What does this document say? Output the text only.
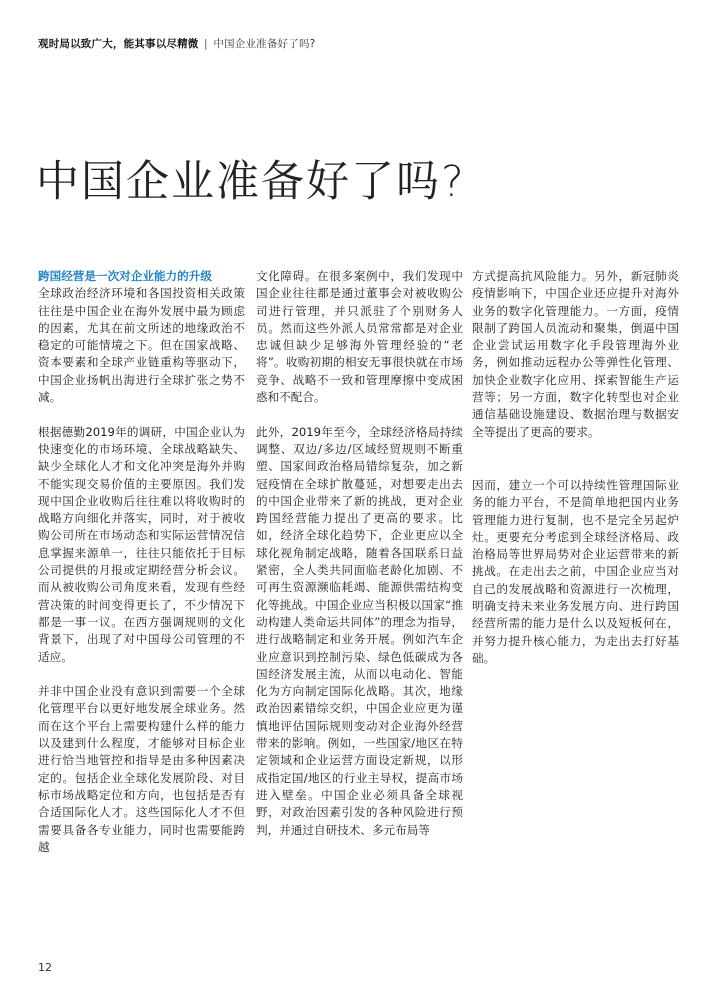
观时局以致广大，能其事以尽精微 | 中国企业准备好了吗?
中国企业准备好了吗?

跨国经营是一次对企业能力的升级

全球政治经济环境和各国投资相关政策往往是中国企业在海外发展中最为顾虑的因素，尤其在前文所述的地缘政治不稳定的可能情境之下。但在国家战略、资本要素和全球产业链重构等驱动下，中国企业扬帆出海进行全球扩张之势不减。

根据德勤2019年的调研，中国企业认为快速变化的市场环境、全球战略缺失、缺少全球化人才和文化冲突是海外并购不能实现交易价值的主要原因。我们发现中国企业收购后往往难以将收购时的战略方向细化并落实，同时，对于被收购公司所在市场动态和实际运营情况信息掌握来源单一，往往只能依托于目标公司提供的月报或定期经营分析会议。而从被收购公司角度来看，发现有些经营决策的时间变得更长了，不少情况下都是一事一议。在西方强调规则的文化背景下，出现了对中国母公司管理的不适应。

并非中国企业没有意识到需要一个全球化管理平台以更好地发展全球业务。然而在这个平台上需要构建什么样的能力以及建到什么程度，才能够对目标企业进行恰当地管控和指导是由多种因素决定的。包括企业全球化发展阶段、对目标市场战略定位和方向，也包括是否有合适国际化人才。这些国际化人才不但需要具备各专业能力，同时也需要能跨越

文化障碍。在很多案例中，我们发现中国企业往往都是通过董事会对被收购公司进行管理，并只派驻了个别财务人员。然而这些外派人员常常都是对企业忠诚但缺少足够海外管理经验的“老将”。收购初期的相安无事很快就在市场竞争、战略不一致和管理摩擦中变成困惑和不配合。

此外，2019年至今，全球经济格局持续调整、双边/多边/区域经贸规则不断重塑、国家间政治格局错综复杂，加之新冠疫情在全球扩散蔓延，对想要走出去的中国企业带来了新的挑战，更对企业跨国经营能力提出了更高的要求。比如，经济全球化趋势下，企业更应以全球化视角制定战略，随着各国联系日益紧密，全人类共同面临老龄化加剧、不可再生资源濒临耗竭、能源供需结构变化等挑战。中国企业应当积极以国家“推动构建人类命运共同体”的理念为指导，进行战略制定和业务开展。例如汽车企业应意识到控制污染、绿色低碳成为各国经济发展主流，从而以电动化、智能化为方向制定国际化战略。其次，地缘政治因素错综交织，中国企业应更为谨慎地评估国际规则变动对企业海外经营带来的影响。例如，一些国家/地区在特定领域和企业运营方面设定新规，以形成指定国/地区的行业主导权，提高市场进入壁垒。中国企业必须具备全球视野，对政治因素引发的各种风险进行预判，并通过自研技术、多元布局等

方式提高抗风险能力。另外，新冠肺炎疫情影响下，中国企业还应提升对海外业务的数字化管理能力。一方面，疫情限制了跨国人员流动和聚集，倒逼中国企业尝试运用数字化手段管理海外业务，例如推动远程办公等弹性化管理、加快企业数字化应用、探索智能生产运营等；另一方面，数字化转型也对企业通信基础设施建设、数据治理与数据安全等提出了更高的要求。

因而，建立一个可以持续性管理国际业务的能力平台，不是简单地把国内业务管理能力进行复制，也不是完全另起炉灶。更要充分考虑到全球经济格局、政治格局等世界局势对企业运营带来的新挑战。在走出去之前，中国企业应当对自己的发展战略和资源进行一次梳理，明确支持未来业务发展方向、进行跨国经营所需的能力是什么以及短板何在，并努力提升核心能力，为走出去打好基础。

12
